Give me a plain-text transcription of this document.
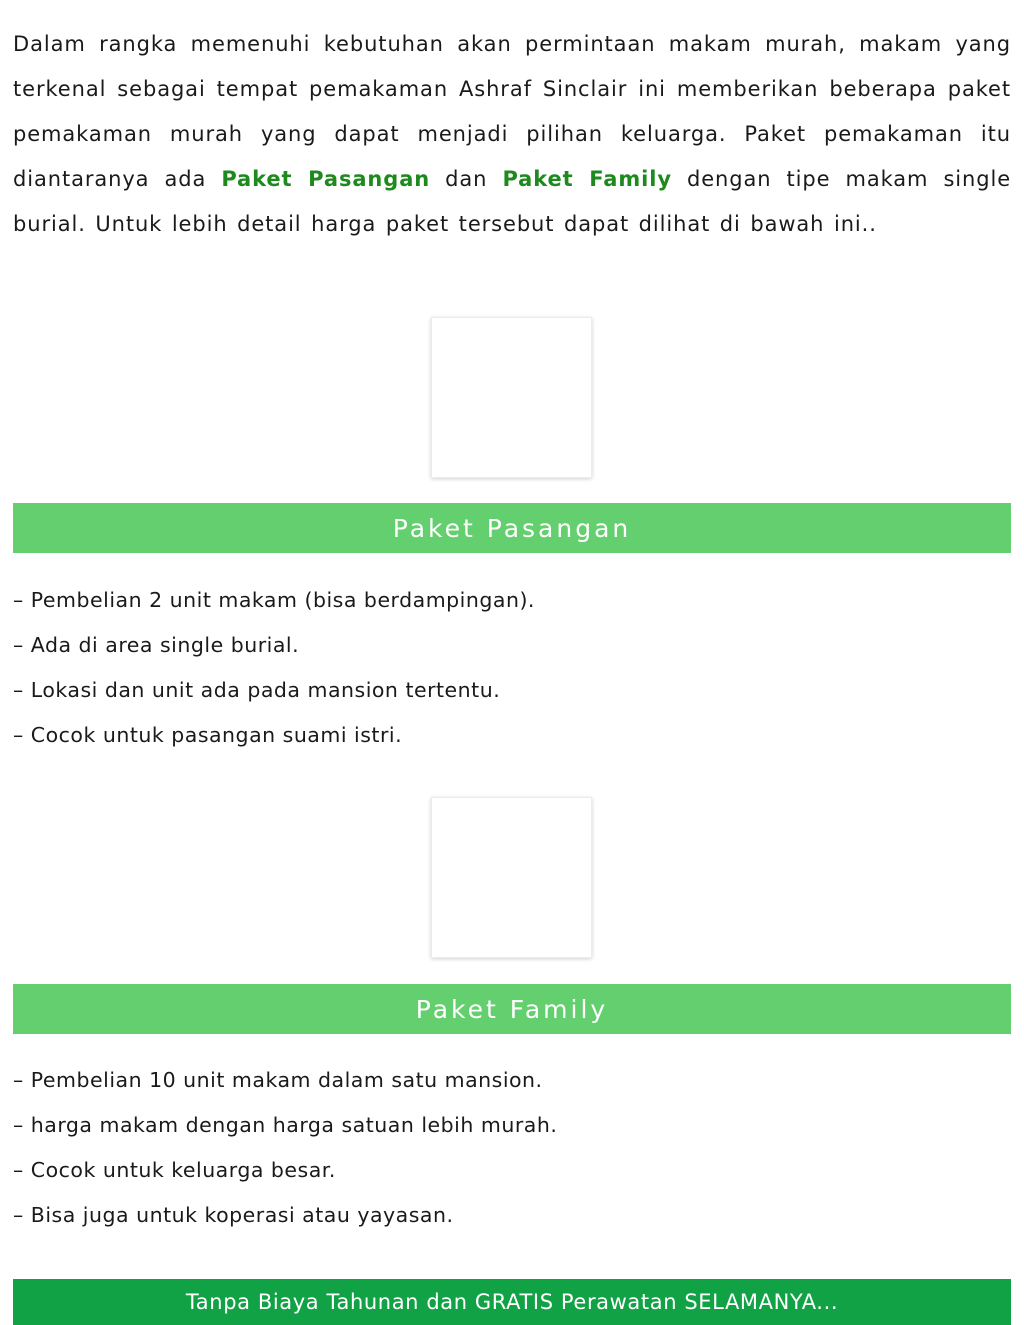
Dalam rangka memenuhi kebutuhan akan permintaan makam murah, makam yang terkenal sebagai tempat pemakaman Ashraf Sinclair ini memberikan beberapa paket pemakaman murah yang dapat menjadi pilihan keluarga. Paket pemakaman itu diantaranya ada Paket Pasangan dan Paket Family dengan tipe makam single burial. Untuk lebih detail harga paket tersebut dapat dilihat di bawah ini..

Paket Pasangan
– Pembelian 2 unit makam (bisa berdampingan).
– Ada di area single burial.
– Lokasi dan unit ada pada mansion tertentu.
– Cocok untuk pasangan suami istri.
Paket Family
– Pembelian 10 unit makam dalam satu mansion.
– harga makam dengan harga satuan lebih murah.
– Cocok untuk keluarga besar.
– Bisa juga untuk koperasi atau yayasan.
Tanpa Biaya Tahunan dan GRATIS Perawatan SELAMANYA...
